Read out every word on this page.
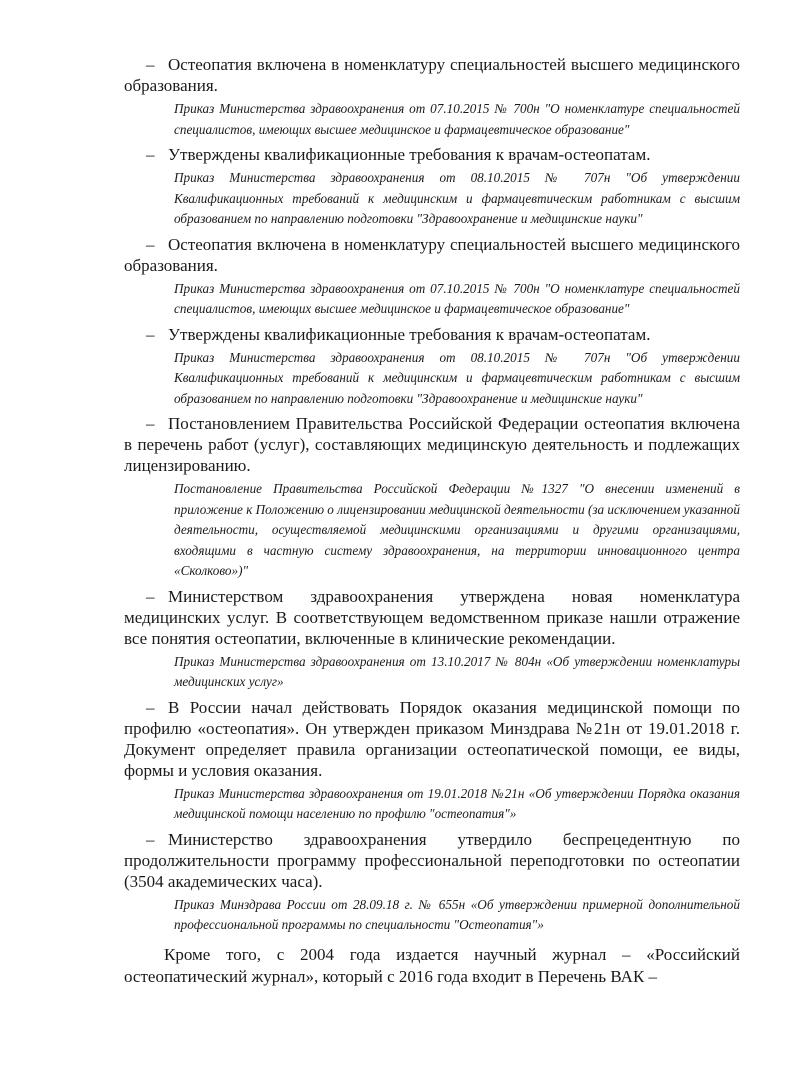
– Остеопатия включена в номенклатуру специальностей высшего медицинского образования.

Приказ Министерства здравоохранения от 07.10.2015 № 700н "О номенклатуре специальностей специалистов, имеющих высшее медицинское и фармацевтическое образование"

– Утверждены квалификационные требования к врачам-остеопатам.

Приказ Министерства здравоохранения от 08.10.2015 № 707н "Об утверждении Квалификационных требований к медицинским и фармацевтическим работникам с высшим образованием по направлению подготовки "Здравоохранение и медицинские науки"

– Остеопатия включена в номенклатуру специальностей высшего медицинского образования.

Приказ Министерства здравоохранения от 07.10.2015 № 700н "О номенклатуре специальностей специалистов, имеющих высшее медицинское и фармацевтическое образование"

– Утверждены квалификационные требования к врачам-остеопатам.

Приказ Министерства здравоохранения от 08.10.2015 № 707н "Об утверждении Квалификационных требований к медицинским и фармацевтическим работникам с высшим образованием по направлению подготовки "Здравоохранение и медицинские науки"

– Постановлением Правительства Российской Федерации остеопатия включена в перечень работ (услуг), составляющих медицинскую деятельность и подлежащих лицензированию.

Постановление Правительства Российской Федерации №1327 "О внесении изменений в приложение к Положению о лицензировании медицинской деятельности (за исключением указанной деятельности, осуществляемой медицинскими организациями и другими организациями, входящими в частную систему здравоохранения, на территории инновационного центра «Сколково»)"

– Министерством здравоохранения утверждена новая номенклатура медицинских услуг. В соответствующем ведомственном приказе нашли отражение все понятия остеопатии, включенные в клинические рекомендации.

Приказ Министерства здравоохранения от 13.10.2017 № 804н «Об утверждении номенклатуры медицинских услуг»

– В России начал действовать Порядок оказания медицинской помощи по профилю «остеопатия». Он утвержден приказом Минздрава №21н от 19.01.2018 г. Документ определяет правила организации остеопатической помощи, ее виды, формы и условия оказания.

Приказ Министерства здравоохранения от 19.01.2018 №21н «Об утверждении Порядка оказания медицинской помощи населению по профилю "остеопатия"»

– Министерство здравоохранения утвердило беспрецедентную по продолжительности программу профессиональной переподготовки по остеопатии (3504 академических часа).

Приказ Минздрава России от 28.09.18 г. № 655н «Об утверждении примерной дополнительной профессиональной программы по специальности "Остеопатия"»

Кроме того, с 2004 года издается научный журнал – «Российский остеопатический журнал», который с 2016 года входит в Перечень ВАК –
